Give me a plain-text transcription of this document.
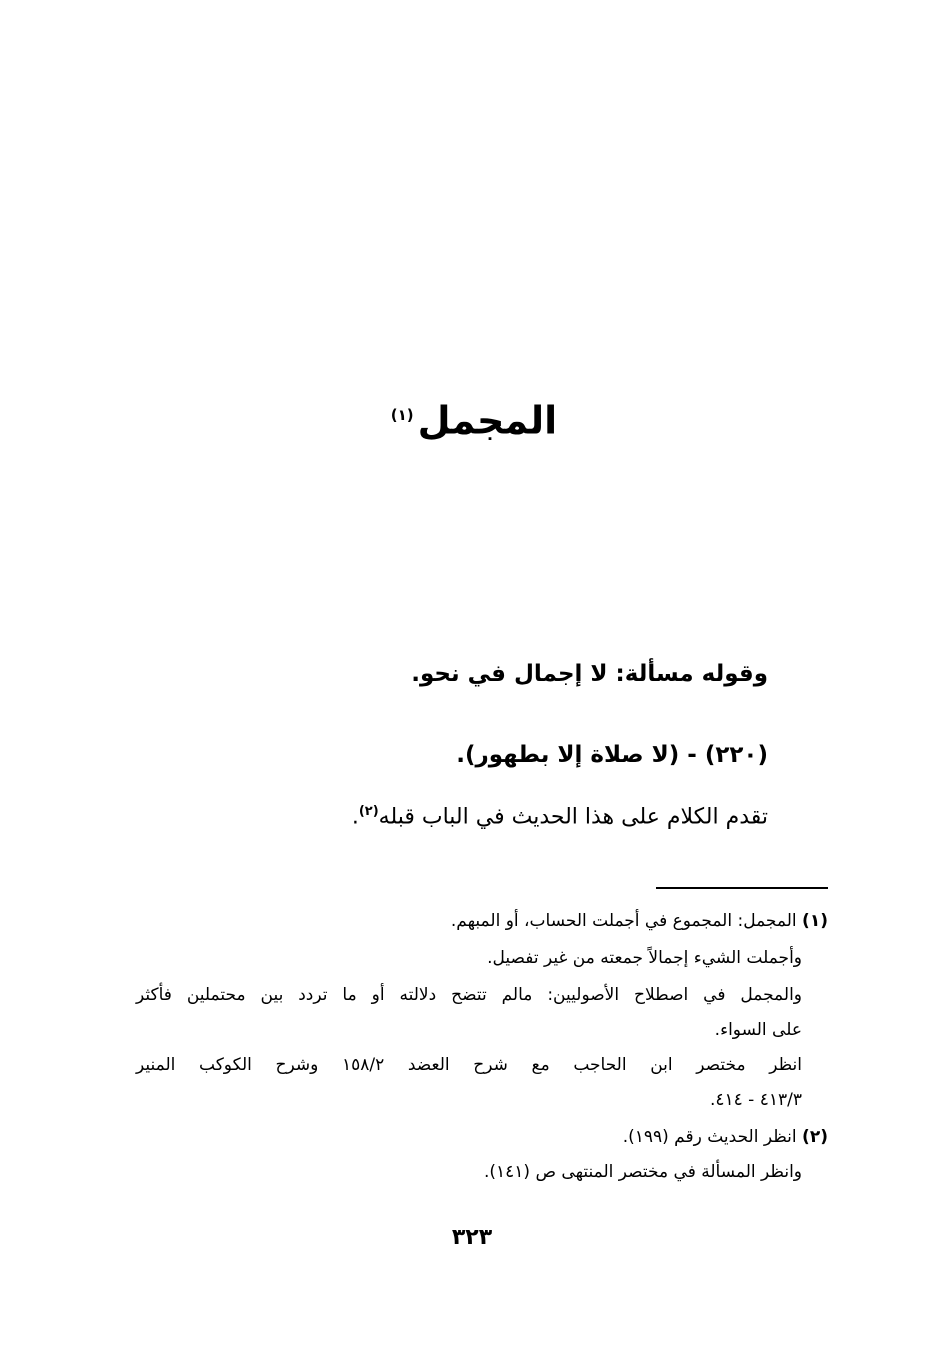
المجمل$^{(١)}$
وقوله مسألة: لا إجمال في نحو.
(٢٢٠) - (لا صلاة إلا بطهور).
تقدم الكلام على هذا الحديث في الباب قبله$^{(٢)}$.
(١) المجمل: المجموع في أجملت الحساب، أو المبهم.
وأجملت الشيء إجمالاً جمعته من غير تفصيل.
والمجمل في اصطلاح الأصوليين: مالم تتضح دلالته أو ما تردد بين محتملين فأكثر
على السواء.
انظر مختصر ابن الحاجب مع شرح العضد ١٥٨/٢ وشرح الكوكب المنير
٤١٣/٣ - ٤١٤.
(٢) انظر الحديث رقم (١٩٩).
وانظر المسألة في مختصر المنتهى ص (١٤١).
٣٢٣
